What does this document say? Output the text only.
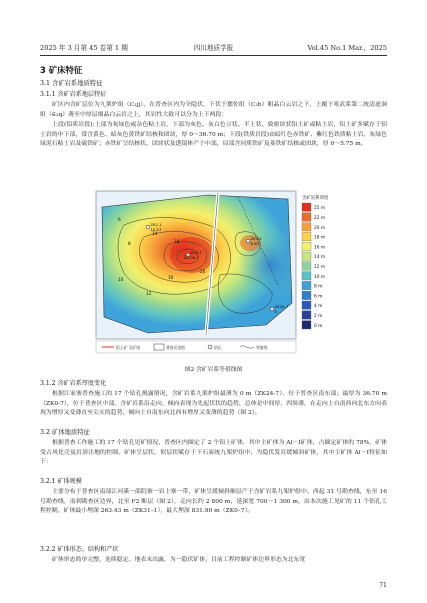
2025 年 3 月第 45 卷第 1 期	四川地质学报	Vol.45 No.1 Mar.，2025
3 矿床特征
3.1 含矿岩系地质特征
3.1.1 含矿岩系地层特征
矿区内含矿层位为九架炉组（C₂jj），在普查区内为全隐伏，下伏于摆佐组（C₂b）粗晶白云岩之下，上覆于寒武系第二统清虚洞组（∈₂q）薄至中厚层细晶白云岩之上，其岩性大致可以分为上下两段：
上段(铝质岩段):上部为灰绿色或杂色粘土岩，下部为灰色、灰白色豆状、半土状、致密块状铝土矿或粘土岩，铝土矿多赋存于铝土岩的中下部，常含黄色、暗灰色黄铁矿结核和团块，厚 0～36.70 m；下段(铁质岩段)由暗红色赤铁矿、紫红色铁质粘土岩、灰绿色绿泥石粘土岩及硫铁矿；赤铁矿呈结核状、团块状及透镜体产于中部，局部含同质铁矿及菱铁矿结核或团块，厚 0～5.75 m。
ZK0-7
36.7
ZK1-1
10.57
ZK3-1
8.92
ZK24-7
0
6
8
10
12
14
16
18
20
22
含矿岩系厚度
25 m
22 m
20 m
18 m
16 m
14 m
12 m
10 m
8 m
6 m
4 m
2 m
0 m
铝土矿 含矿线	普查区范围	钻孔	等值线
图2 含矿岩系等值线图
3.1.2 含矿岩系厚度变化
根据江家寨普查施工的 17 个钻孔揭露情况，含矿岩系九架炉组最薄为 0 m（ZK24-7），位于普查区南东部；最厚为 36.70 m（ZK0-7），位于普查区中部。含矿岩系沿走向、倾向表现为先起伏状的趋势，总体是中间厚、四周薄，在走向上自南西向北东方向表现为增厚又变薄直至尖灭的趋势，倾向上自南东向北西有增厚又变薄的趋势（图 2）。
3.2 矿体地质特征
根据普查工作施工的 17 个钻孔见矿情况，普查区内圈定了 2 个铝土矿体，其中主矿体为 Al－Ⅰ矿体，占圈定矿体的 78%，矿体受古风化壳及岩溶洼地的控制，矿体呈层状、似层状赋存于下石炭统九架炉组中，为隐伏发育缓倾斜矿体，其中主矿体 Al－Ⅰ特征如下：
3.2.1 矿体规模
主要分布于普查区南部江河溪一邵院寨一岩上寨一带，矿体呈缓倾斜顺层产于含矿岩系九架炉组中。西起 31 号勘查线，东至 16 号勘查线，南到勘查区边界，北至 F2 断层（图 2），走向长约 2 800 m，延深宽 700～1 300 m，由本次施工见矿的 11 个钻孔工程控制，矿体最小埋深 263.43 m（ZK31–1），最大埋深 831.90 m（ZK0–7）。
3.2.2 矿体形态、结构和产状
矿体形态简单完整，连续稳定、地表未出露，为一隐伏矿体，目前工程控制矿体边界形态为北东宽
71
